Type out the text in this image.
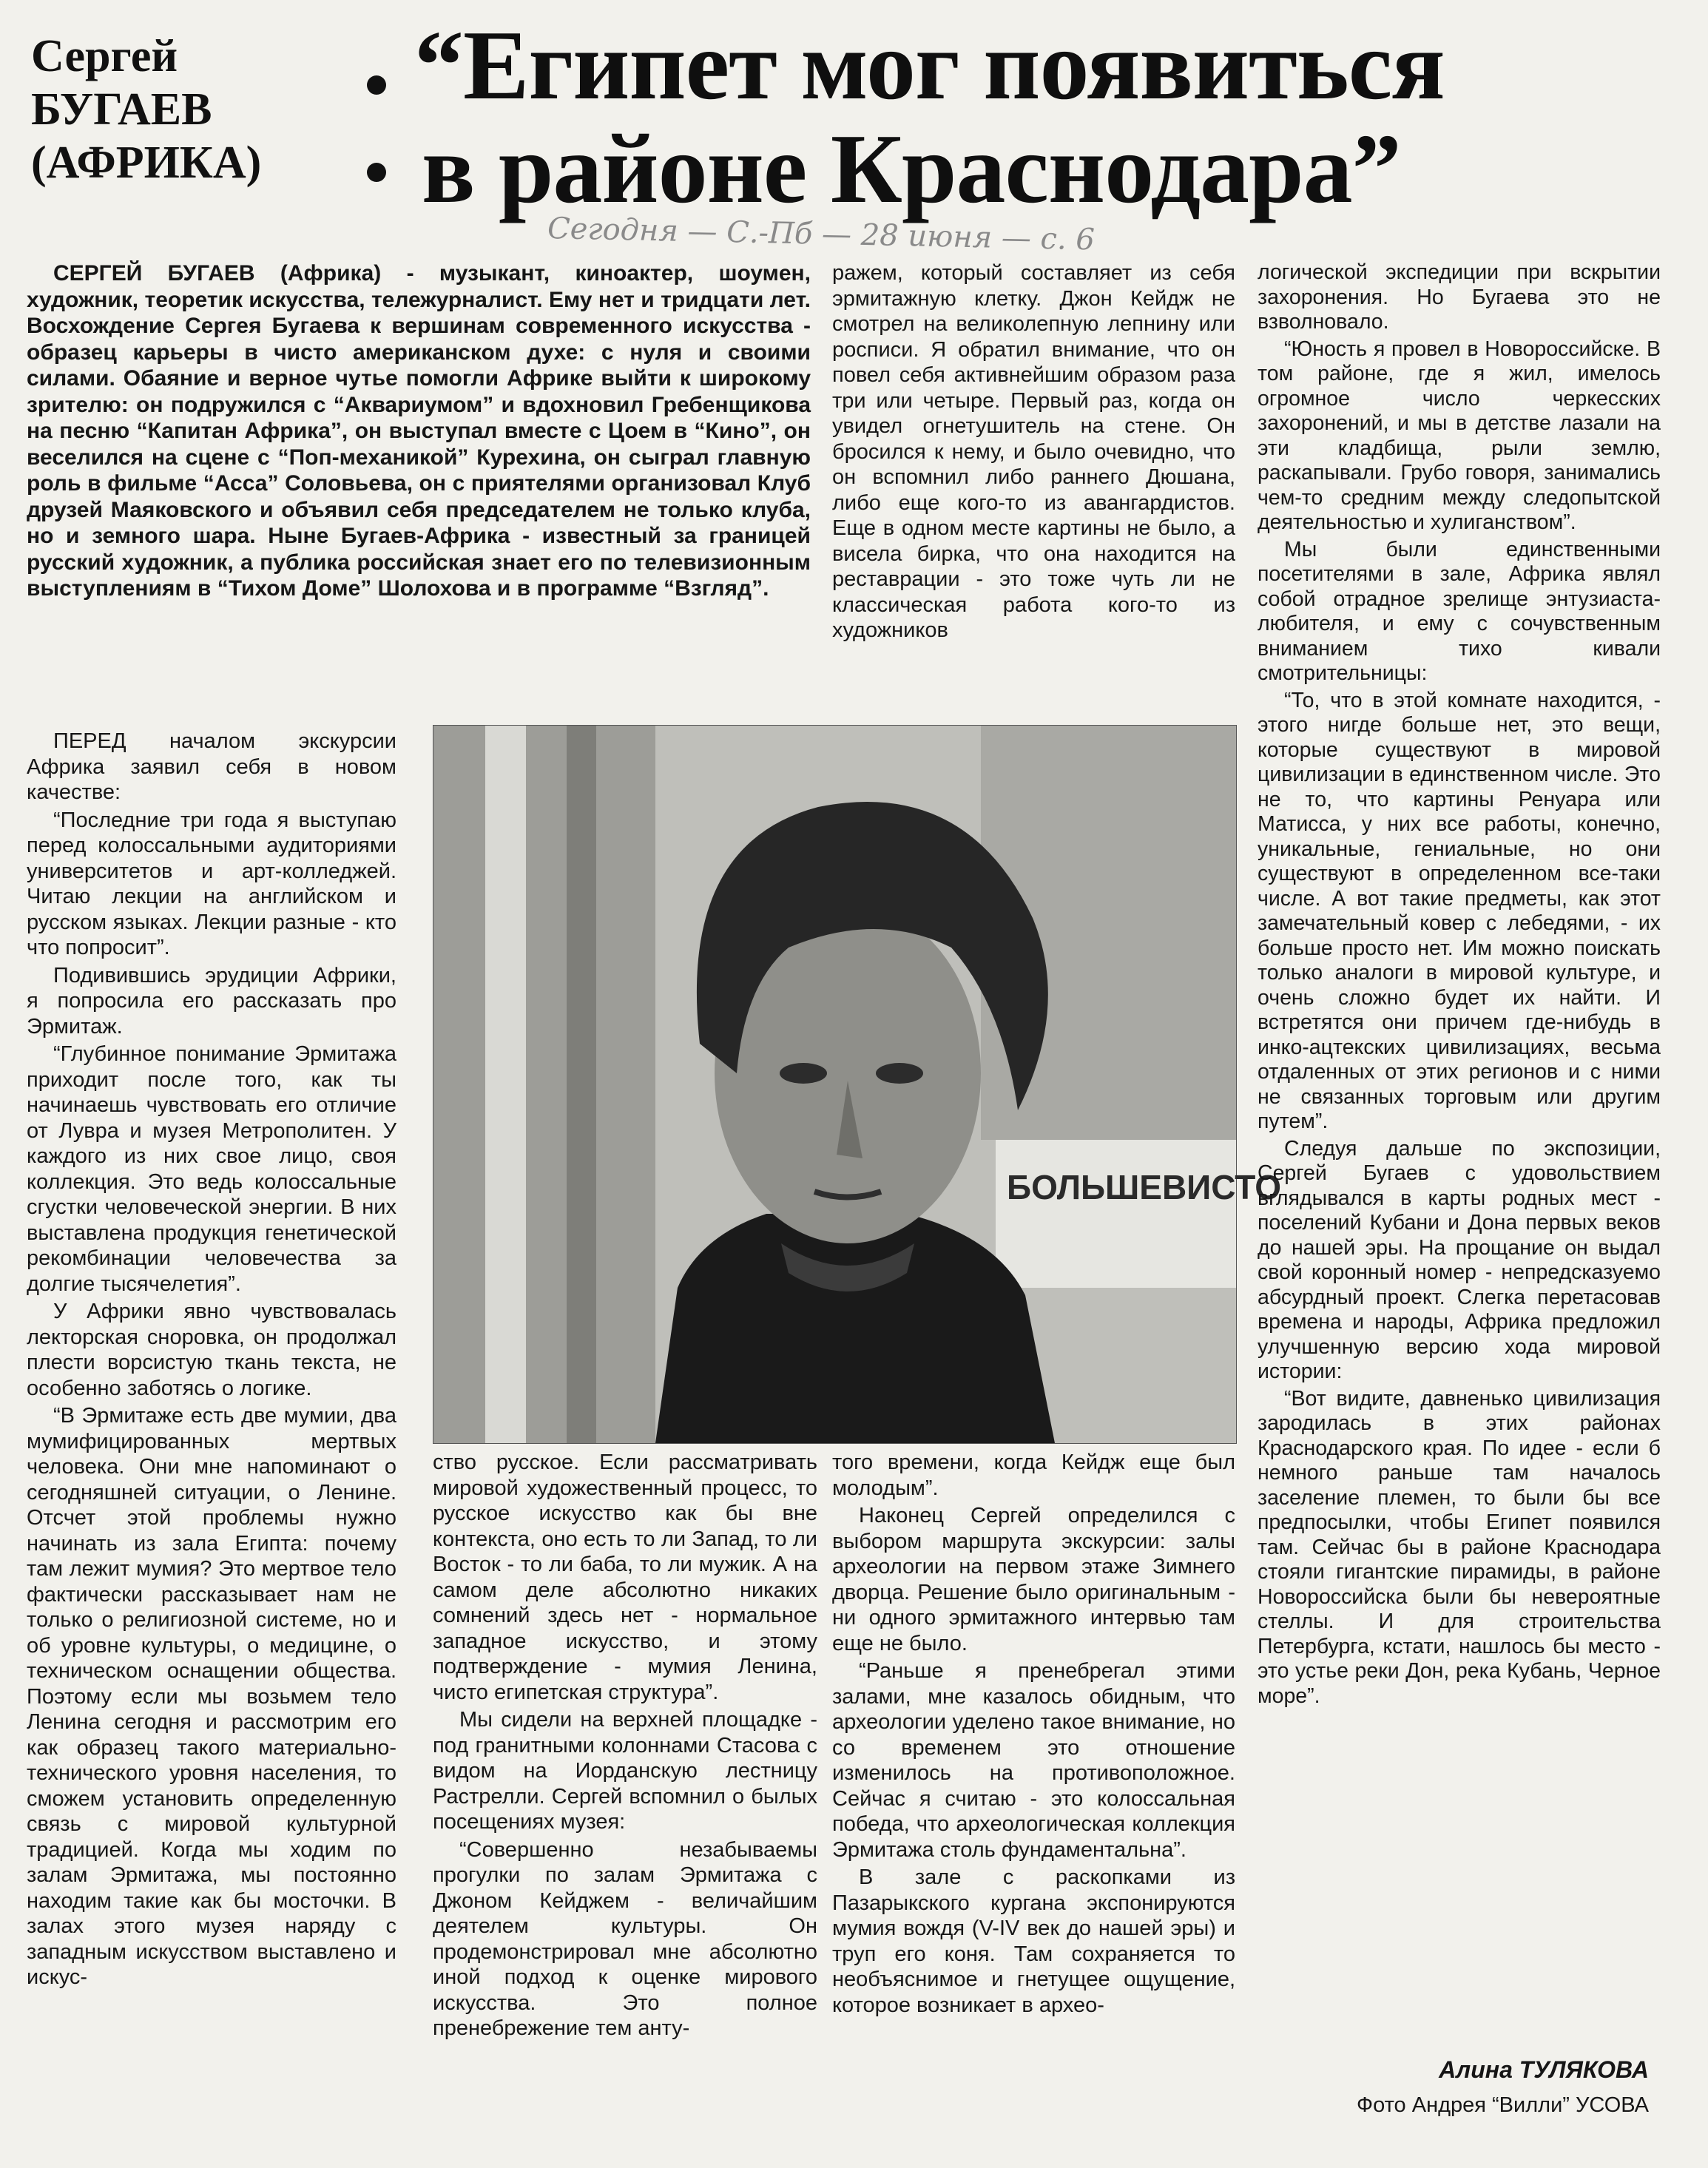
Сергей
БУГАЕВ
(АФРИКА)
“Египет мог появиться
в районе Краснодара”
Сегодня — С.-Пб — 28 июня — с. 6

СЕРГЕЙ БУГАЕВ (Африка) - музыкант, киноактер, шоумен, художник, теоретик искусства, тележурналист. Ему нет и тридцати лет. Восхождение Сергея Бугаева к вершинам современного искусства - образец карьеры в чисто американском духе: с нуля и своими силами. Обаяние и верное чутье помогли Африке выйти к широкому зрителю: он подружился с “Аквариумом” и вдохновил Гребенщикова на песню “Капитан Африка”, он выступал вместе с Цоем в “Кино”, он веселился на сцене с “Поп-механикой” Курехина, он сыграл главную роль в фильме “Асса” Соловьева, он с приятелями организовал Клуб друзей Маяковского и объявил себя председателем не только клуба, но и земного шара. Ныне Бугаев-Африка - известный за границей русский художник, а публика российская знает его по телевизионным выступлениям в “Тихом Доме” Шолохова и в программе “Взгляд”.

ПЕРЕД началом экскурсии Африка заявил себя в новом качестве:

“Последние три года я выступаю перед колоссальными аудиториями университетов и арт-колледжей. Читаю лекции на английском и русском языках. Лекции разные - кто что попросит”.

Подивившись эрудиции Африки, я попросила его рассказать про Эрмитаж.

“Глубинное понимание Эрмитажа приходит после того, как ты начинаешь чувствовать его отличие от Лувра и музея Метрополитен. У каждого из них свое лицо, своя коллекция. Это ведь колоссальные сгустки человеческой энергии. В них выставлена продукция генетической рекомбинации человечества за долгие тысячелетия”.

У Африки явно чувствовалась лекторская сноровка, он продолжал плести ворсистую ткань текста, не особенно заботясь о логике.

“В Эрмитаже есть две мумии, два мумифицированных мертвых человека. Они мне напоминают о сегодняшней ситуации, о Ленине. Отсчет этой проблемы нужно начинать из зала Египта: почему там лежит мумия? Это мертвое тело фактически рассказывает нам не только о религиозной системе, но и об уровне культуры, о медицине, о техническом оснащении общества. Поэтому если мы возьмем тело Ленина сегодня и рассмотрим его как образец такого материально-технического уровня населения, то сможем установить определенную связь с мировой культурной традицией. Когда мы ходим по залам Эрмитажа, мы постоянно находим такие как бы мосточки. В залах этого музея наряду с западным искусством выставлено и искус-

ражем, который составляет из себя эрмитажную клетку. Джон Кейдж не смотрел на великолепную лепнину или росписи. Я обратил внимание, что он повел себя активнейшим образом раза три или четыре. Первый раз, когда он увидел огнетушитель на стене. Он бросился к нему, и было очевидно, что он вспомнил либо раннего Дюшана, либо еще кого-то из авангардистов. Еще в одном месте картины не было, а висела бирка, что она находится на реставрации - это тоже чуть ли не классическая работа кого-то из художников

БОЛЬШЕВИСТО

ство русское. Если рассматривать мировой художественный процесс, то русское искусство как бы вне контекста, оно есть то ли Запад, то ли Восток - то ли баба, то ли мужик. А на самом деле абсолютно никаких сомнений здесь нет - нормальное западное искусство, и этому подтверждение - мумия Ленина, чисто египетская структура”.

Мы сидели на верхней площадке - под гранитными колоннами Стасова с видом на Иорданскую лестницу Растрелли. Сергей вспомнил о былых посещениях музея:

“Совершенно незабываемы прогулки по залам Эрмитажа с Джоном Кейджем - величайшим деятелем культуры. Он продемонстрировал мне абсолютно иной подход к оценке мирового искусства. Это полное пренебрежение тем анту-

того времени, когда Кейдж еще был молодым”.

Наконец Сергей определился с выбором маршрута экскурсии: залы археологии на первом этаже Зимнего дворца. Решение было оригинальным - ни одного эрмитажного интервью там еще не было.

“Раньше я пренебрегал этими залами, мне казалось обидным, что археологии уделено такое внимание, но со временем это отношение изменилось на противоположное. Сейчас я считаю - это колоссальная победа, что археологическая коллекция Эрмитажа столь фундаментальна”.

В зале с раскопками из Пазарыкского кургана экспонируются мумия вождя (V-IV век до нашей эры) и труп его коня. Там сохраняется то необъяснимое и гнетущее ощущение, которое возникает в архео-

логической экспедиции при вскрытии захоронения. Но Бугаева это не взволновало.

“Юность я провел в Новороссийске. В том районе, где я жил, имелось огромное число черкесских захоронений, и мы в детстве лазали на эти кладбища, рыли землю, раскапывали. Грубо говоря, занимались чем-то средним между следопытской деятельностью и хулиганством”.

Мы были единственными посетителями в зале, Африка являл собой отрадное зрелище энтузиаста-любителя, и ему с сочувственным вниманием тихо кивали смотрительницы:

“То, что в этой комнате находится, - этого нигде больше нет, это вещи, которые существуют в мировой цивилизации в единственном числе. Это не то, что картины Ренуара или Матисса, у них все работы, конечно, уникальные, гениальные, но они существуют в определенном все-таки числе. А вот такие предметы, как этот замечательный ковер с лебедями, - их больше просто нет. Им можно поискать только аналоги в мировой культуре, и очень сложно будет их найти. И встретятся они причем где-нибудь в инко-ацтекских цивилизациях, весьма отдаленных от этих регионов и с ними не связанных торговым или другим путем”.

Следуя дальше по экспозиции, Сергей Бугаев с удовольствием вглядывался в карты родных мест - поселений Кубани и Дона первых веков до нашей эры. На прощание он выдал свой коронный номер - непредсказуемо абсурдный проект. Слегка перетасовав времена и народы, Африка предложил улучшенную версию хода мировой истории:

“Вот видите, давненько цивилизация зародилась в этих районах Краснодарского края. По идее - если б немного раньше там началось заселение племен, то были бы все предпосылки, чтобы Египет появился там. Сейчас бы в районе Краснодара стояли гигантские пирамиды, в районе Новороссийска были бы невероятные стеллы. И для строительства Петербурга, кстати, нашлось бы место - это устье реки Дон, река Кубань, Черное море”.

Алина ТУЛЯКОВА

Фото Андрея “Вилли” УСОВА
